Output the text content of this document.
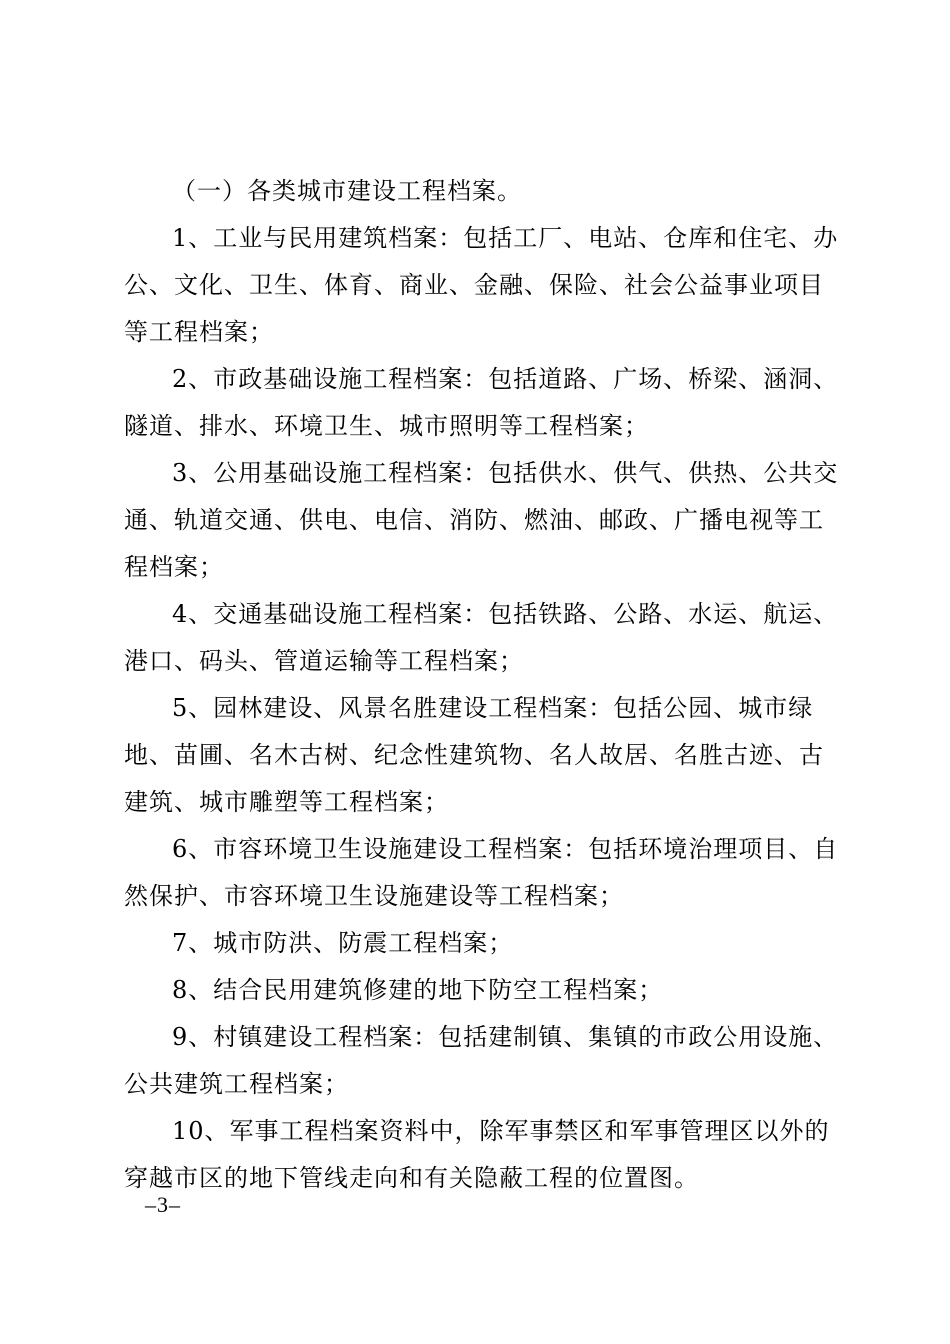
（一）各类城市建设工程档案。

1、工业与民用建筑档案：包括工厂、电站、仓库和住宅、办公、文化、卫生、体育、商业、金融、保险、社会公益事业项目等工程档案；

2、市政基础设施工程档案：包括道路、广场、桥梁、涵洞、隧道、排水、环境卫生、城市照明等工程档案；

3、公用基础设施工程档案：包括供水、供气、供热、公共交通、轨道交通、供电、电信、消防、燃油、邮政、广播电视等工程档案；

4、交通基础设施工程档案：包括铁路、公路、水运、航运、港口、码头、管道运输等工程档案；

5、园林建设、风景名胜建设工程档案：包括公园、城市绿地、苗圃、名木古树、纪念性建筑物、名人故居、名胜古迹、古建筑、城市雕塑等工程档案；

6、市容环境卫生设施建设工程档案：包括环境治理项目、自然保护、市容环境卫生设施建设等工程档案；

7、城市防洪、防震工程档案；

8、结合民用建筑修建的地下防空工程档案；

9、村镇建设工程档案：包括建制镇、集镇的市政公用设施、公共建筑工程档案；

10、军事工程档案资料中，除军事禁区和军事管理区以外的穿越市区的地下管线走向和有关隐蔽工程的位置图。

–3–
